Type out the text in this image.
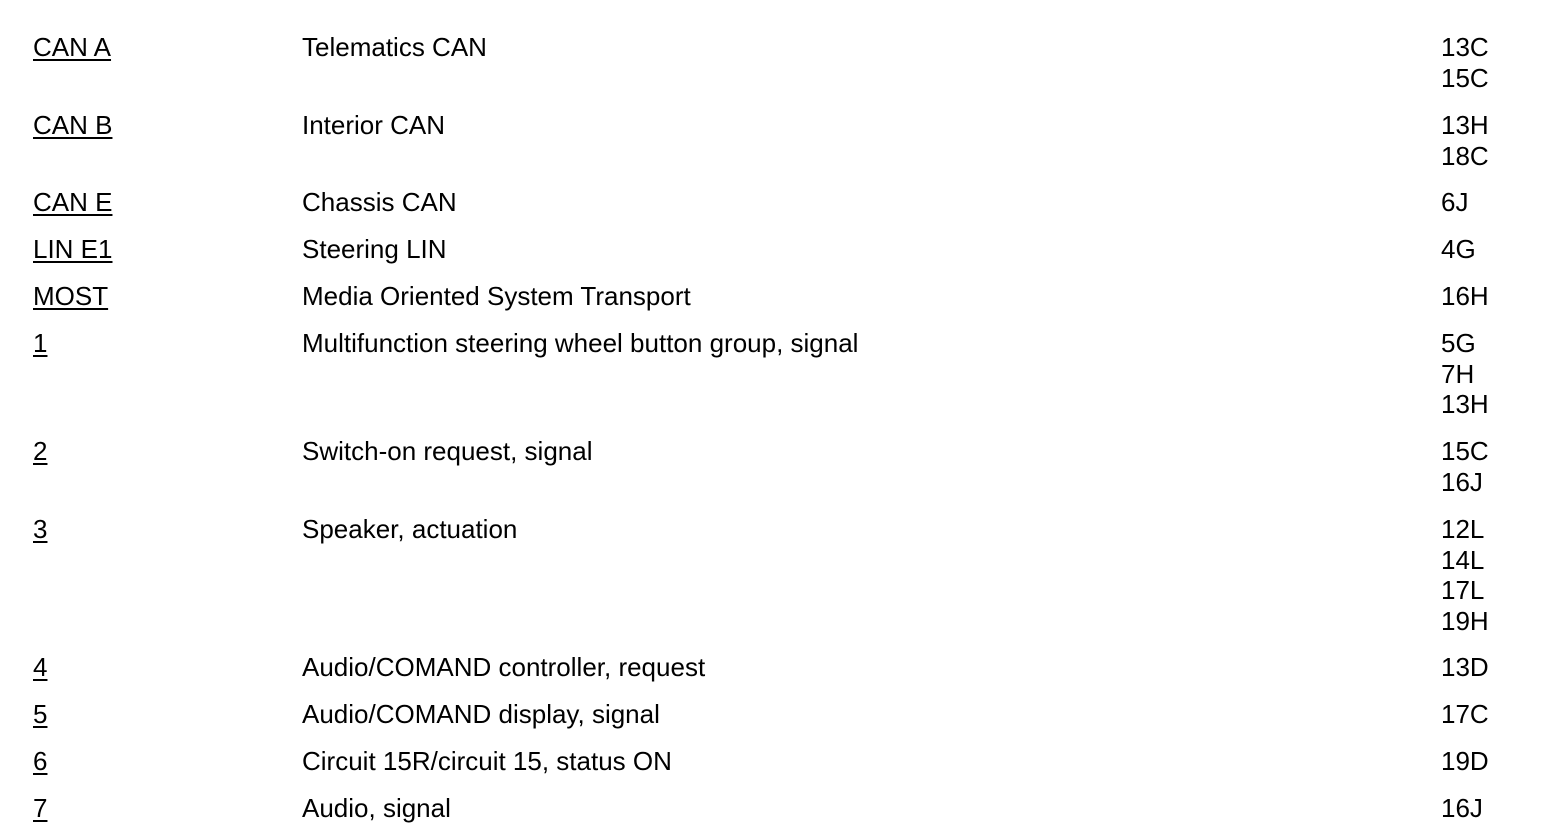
CAN A	Telematics CAN	13C
15C
CAN B	Interior CAN	13H
18C
CAN E	Chassis CAN	6J
LIN E1	Steering LIN	4G
MOST	Media Oriented System Transport	16H
1	Multifunction steering wheel button group, signal	5G
7H
13H
2	Switch-on request, signal	15C
16J
3	Speaker, actuation	12L
14L
17L
19H
4	Audio/COMAND controller, request	13D
5	Audio/COMAND display, signal	17C
6	Circuit 15R/circuit 15, status ON	19D
7	Audio, signal	16J
